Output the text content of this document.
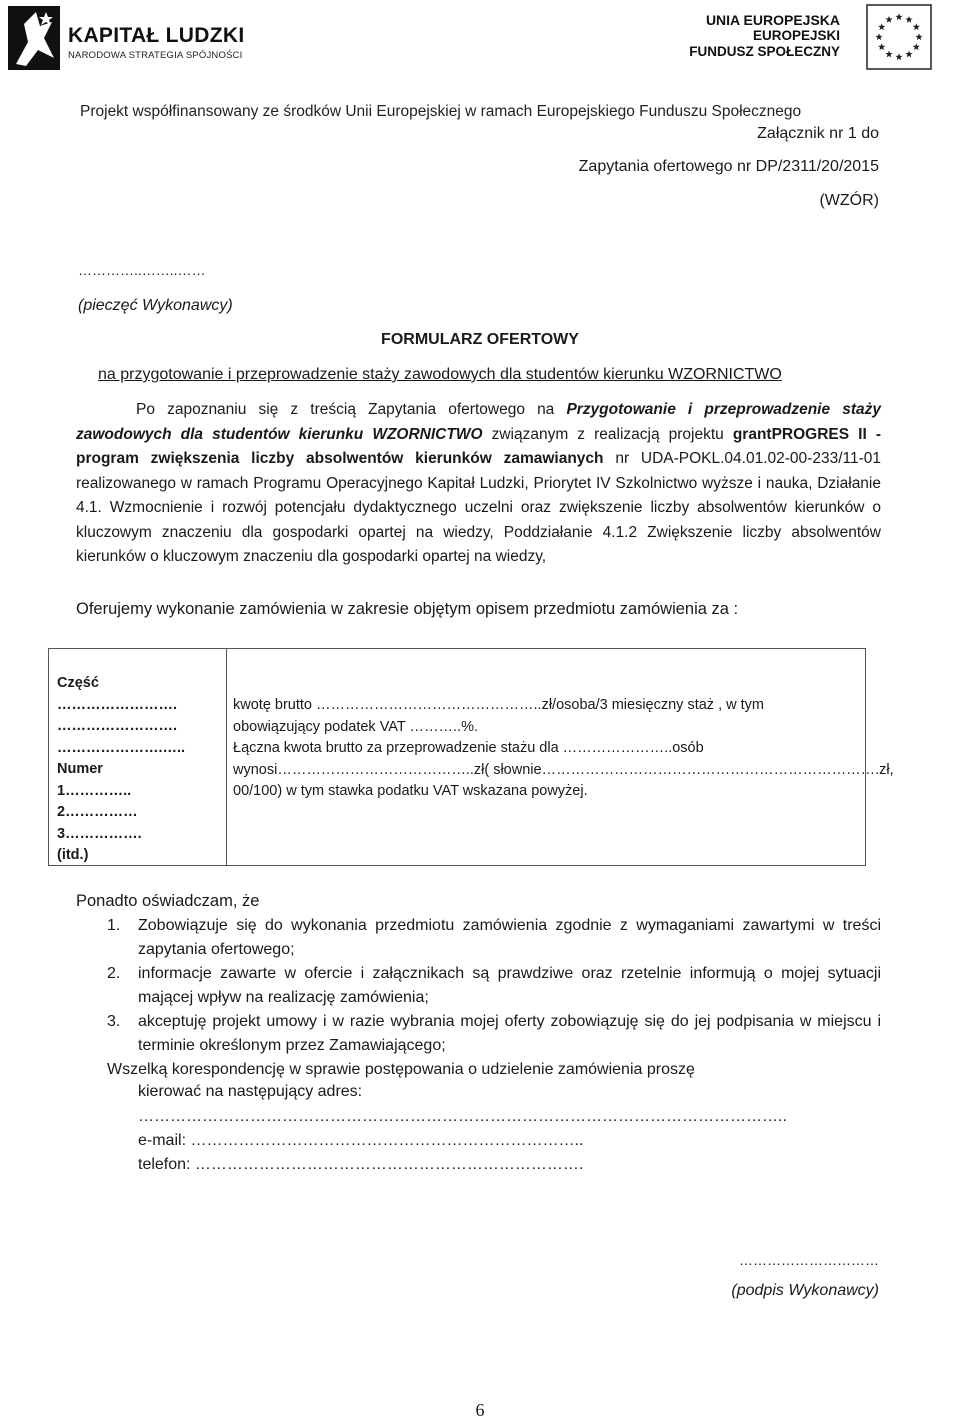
KAPITAŁ LUDZKI
NARODOWA STRATEGIA SPÓJNOŚCI
UNIA EUROPEJSKA
EUROPEJSKI
FUNDUSZ SPOŁECZNY
Projekt współfinansowany ze środków Unii Europejskiej w ramach Europejskiego Funduszu Społecznego
Załącznik nr 1 do
Zapytania ofertowego nr DP/2311/20/2015
(WZÓR)
…………..……..……
(pieczęć Wykonawcy)
FORMULARZ OFERTOWY
na przygotowanie i przeprowadzenie staży zawodowych dla studentów kierunku WZORNICTWO

Po zapoznaniu się z treścią Zapytania ofertowego na Przygotowanie i przeprowadzenie staży zawodowych dla studentów kierunku WZORNICTWO związanym z realizacją projektu grantPROGRES II - program zwiększenia liczby absolwentów kierunków zamawianych nr UDA-POKL.04.01.02-00-233/11-01 realizowanego w ramach Programu Operacyjnego Kapitał Ludzki, Priorytet IV Szkolnictwo wyższe i nauka, Działanie 4.1. Wzmocnienie i rozwój potencjału dydaktycznego uczelni oraz zwiększenie liczby absolwentów kierunków o kluczowym znaczeniu dla gospodarki opartej na wiedzy, Poddziałanie 4.1.2 Zwiększenie liczby absolwentów kierunków o kluczowym znaczeniu dla gospodarki opartej na wiedzy,

Oferujemy wykonanie zamówienia w zakresie objętym opisem przedmiotu zamówienia za :
Część
…………………….
…………………….
………………….…..
Numer
1…………..
2……………
3…………….
(itd.)
kwotę brutto ………………………………………..zł/osoba/3 miesięczny staż , w tym
obowiązujący podatek VAT ………..%.
Łączna kwota brutto za przeprowadzenie stażu dla …………………..osób
wynosi…………………………………..zł( słownie…………………………………………………………….zł,
00/100) w tym stawka podatku VAT wskazana powyżej.
Ponadto oświadczam, że
1. Zobowiązuje się do wykonania przedmiotu zamówienia zgodnie z wymaganiami zawartymi w treści zapytania ofertowego;
2. informacje zawarte w ofercie i załącznikach są prawdziwe oraz rzetelnie informują o mojej sytuacji mającej wpływ na realizację zamówienia;
3. akceptuję projekt umowy i w razie wybrania mojej oferty zobowiązuję się do jej podpisania w miejscu i terminie określonym przez Zamawiającego;
Wszelką korespondencję w sprawie postępowania o udzielenie zamówienia proszę
kierować na następujący adres:
…………………………………………………………………………………………………………..
e-mail: ………………………………………………………………..
telefon: ……………………………………………………………….
…………………………
(podpis Wykonawcy)
6
